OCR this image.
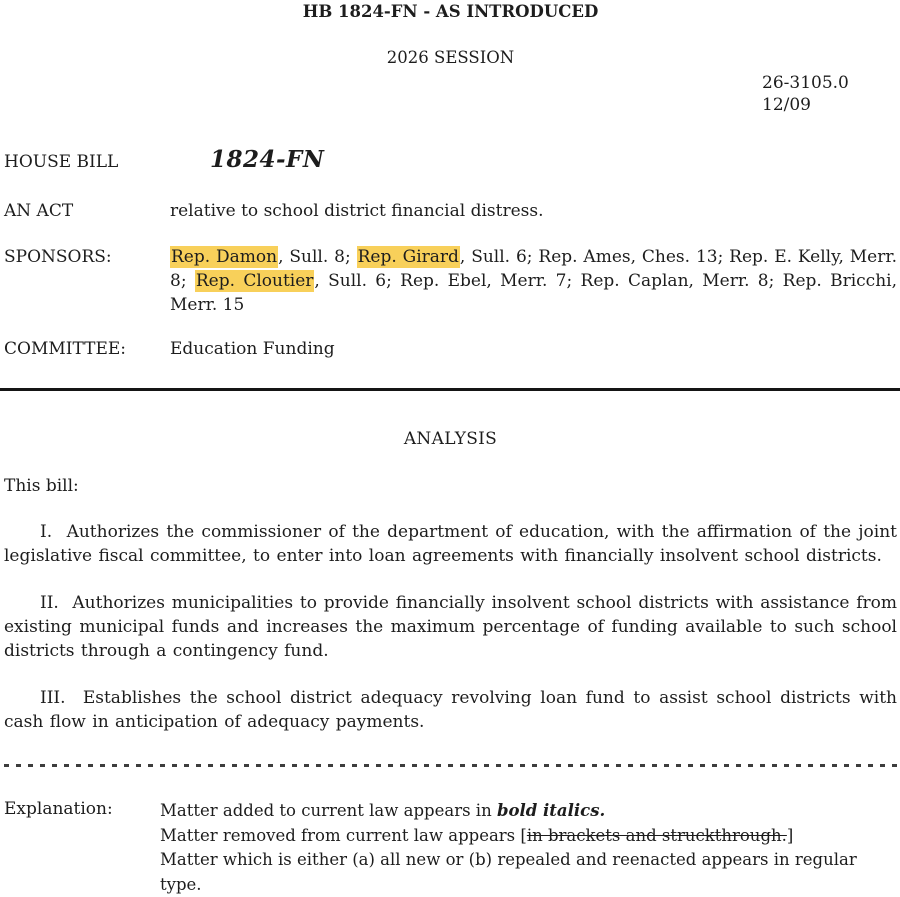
HB 1824-FN - AS INTRODUCED
2026 SESSION
26-3105.0
12/09
HOUSE BILL	1824-FN
AN ACT	relative to school district financial distress.
SPONSORS:	Rep. Damon, Sull. 8; Rep. Girard, Sull. 6; Rep. Ames, Ches. 13; Rep. E. Kelly, Merr. 8; Rep. Cloutier, Sull. 6; Rep. Ebel, Merr. 7; Rep. Caplan, Merr. 8; Rep. Bricchi, Merr. 15
COMMITTEE:	Education Funding
ANALYSIS
This bill:

I.  Authorizes the commissioner of the department of education, with the affirmation of the joint legislative fiscal committee, to enter into loan agreements with financially insolvent school districts.

II.  Authorizes municipalities to provide financially insolvent school districts with assistance from existing municipal funds and increases the maximum percentage of funding available to such school districts through a contingency fund.

III.  Establishes the school district adequacy revolving loan fund to assist school districts with cash flow in anticipation of adequacy payments.

Explanation:	Matter added to current law appears in bold italics.
Matter removed from current law appears [in brackets and struckthrough.]
Matter which is either (a) all new or (b) repealed and reenacted appears in regular type.
